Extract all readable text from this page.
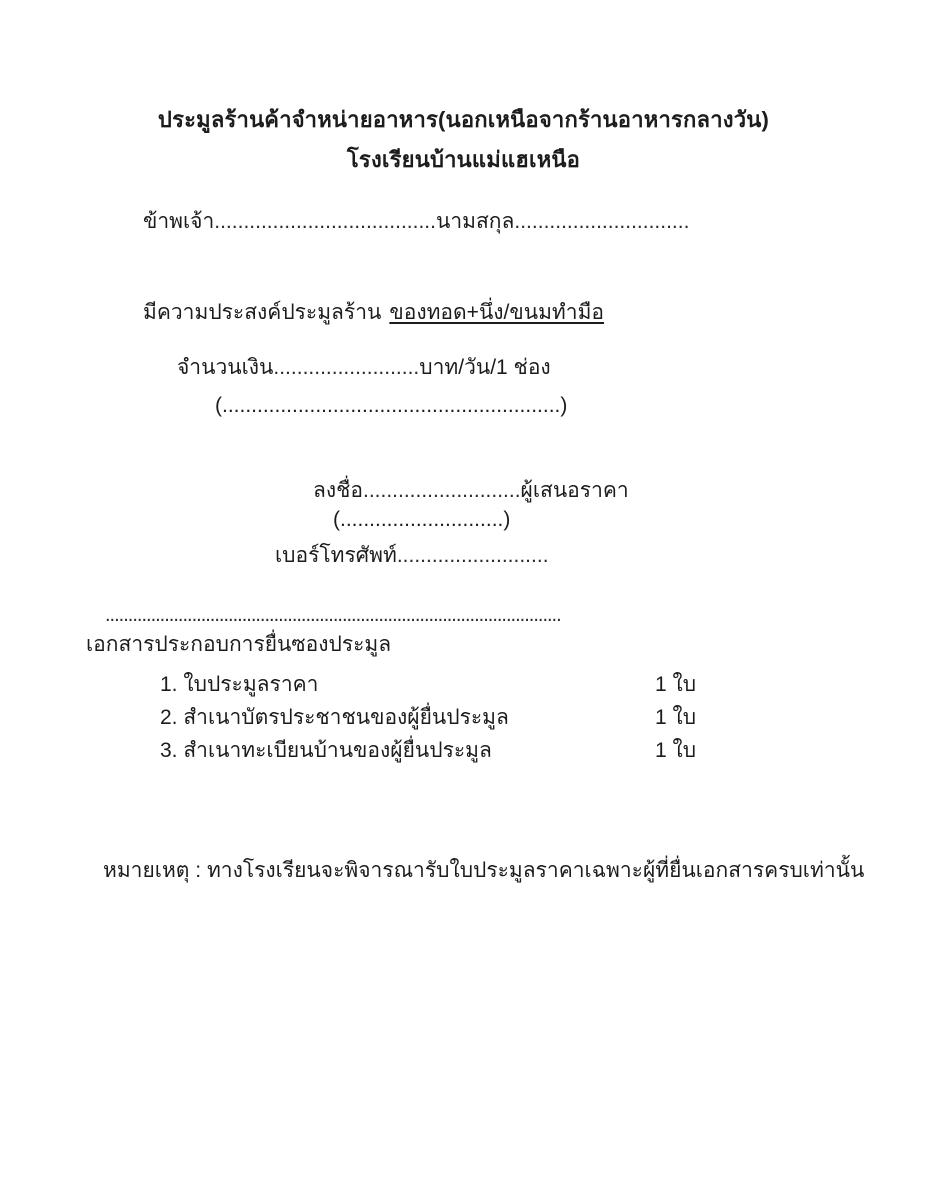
ประมูลร้านค้าจำหน่ายอาหาร(นอกเหนือจากร้านอาหารกลางวัน)
โรงเรียนบ้านแม่แฮเหนือ
ข้าพเจ้า......................................นามสกุล..............................
มีความประสงค์ประมูลร้าน ของทอด+นึ่ง/ขนมทำมือ
จำนวนเงิน.........................บาท/วัน/1 ช่อง
(..........................................................)
ลงชื่อ...........................ผู้เสนอราคา
(............................)
เบอร์โทรศัพท์..........................
....................................................................................................
เอกสารประกอบการยื่นซองประมูล
1. ใบประมูลราคา	1 ใบ
2. สำเนาบัตรประชาชนของผู้ยื่นประมูล	1 ใบ
3. สำเนาทะเบียนบ้านของผู้ยื่นประมูล	1 ใบ
หมายเหตุ : ทางโรงเรียนจะพิจารณารับใบประมูลราคาเฉพาะผู้ที่ยื่นเอกสารครบเท่านั้น
